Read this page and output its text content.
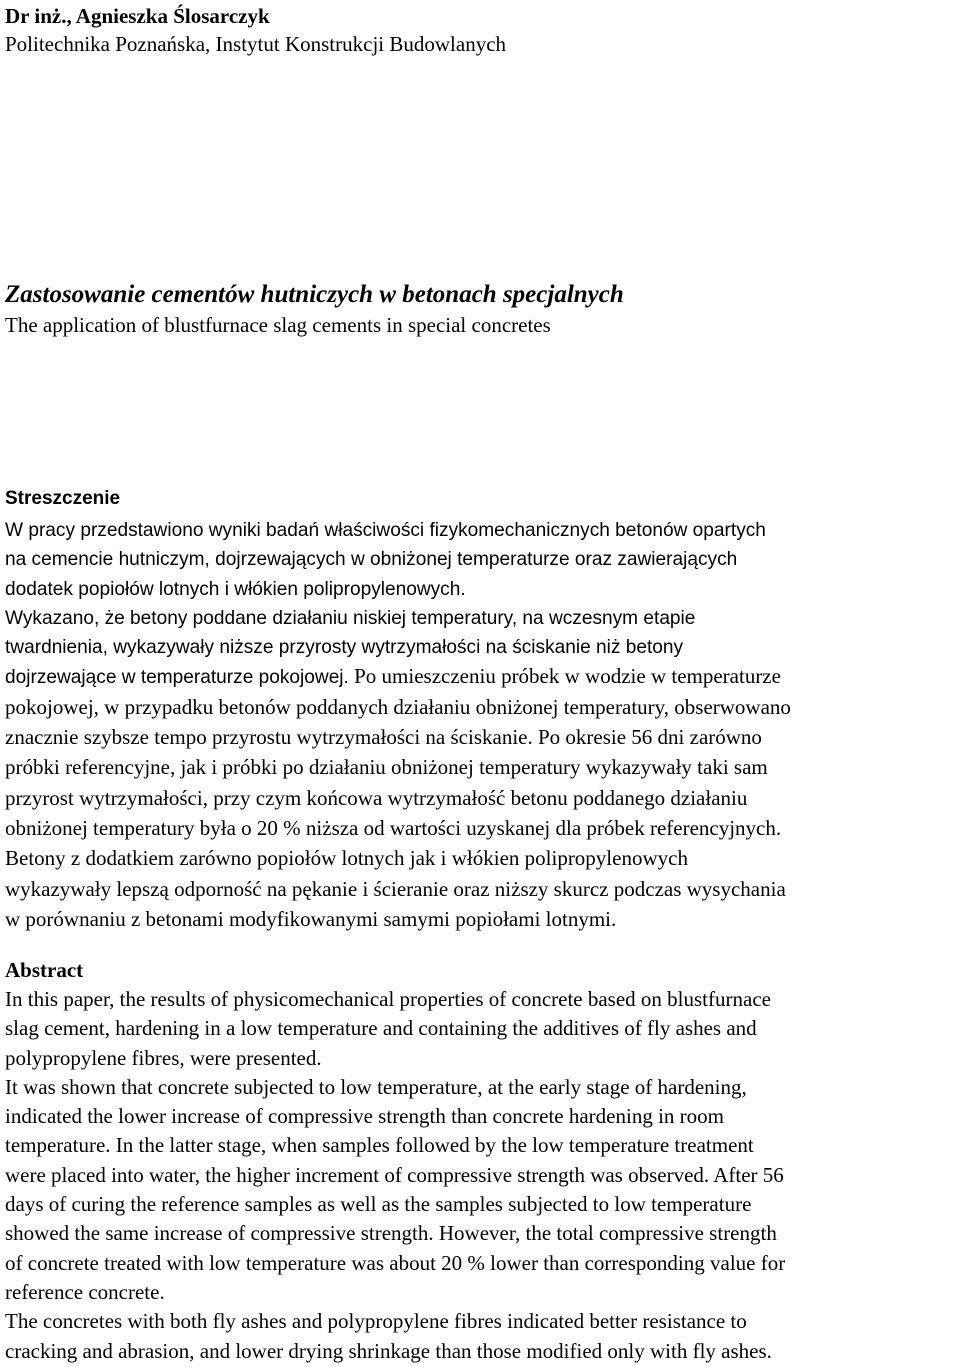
Dr inż., Agnieszka Ślosarczyk
Politechnika Poznańska, Instytut Konstrukcji Budowlanych
Zastosowanie cementów hutniczych w betonach specjalnych
The application of blustfurnace slag cements in special concretes
Streszczenie
W pracy przedstawiono wyniki badań właściwości fizykomechanicznych betonów opartych
na cemencie hutniczym, dojrzewających w obniżonej temperaturze oraz zawierających
dodatek popiołów lotnych i włókien polipropylenowych.
Wykazano, że betony poddane działaniu niskiej temperatury, na wczesnym etapie
twardnienia, wykazywały niższe przyrosty wytrzymałości na ściskanie niż betony
dojrzewające w temperaturze pokojowej. Po umieszczeniu próbek w wodzie w temperaturze
pokojowej, w przypadku betonów poddanych działaniu obniżonej temperatury, obserwowano
znacznie szybsze tempo przyrostu wytrzymałości na ściskanie. Po okresie 56 dni zarówno
próbki referencyjne, jak i próbki po działaniu obniżonej temperatury wykazywały taki sam
przyrost wytrzymałości, przy czym końcowa wytrzymałość betonu poddanego działaniu
obniżonej temperatury była o 20 % niższa od wartości uzyskanej dla próbek referencyjnych.
Betony z dodatkiem zarówno popiołów lotnych jak i włókien polipropylenowych
wykazywały lepszą odporność na pękanie i ścieranie oraz niższy skurcz podczas wysychania
w porównaniu z betonami modyfikowanymi samymi popiołami lotnymi.
Abstract
In this paper, the results of physicomechanical properties of concrete based on blustfurnace
slag cement, hardening in a low temperature and containing the additives of fly ashes and
polypropylene fibres, were presented.
It was shown that concrete subjected to low temperature, at the early stage of hardening,
indicated the lower increase of compressive strength than concrete hardening in room
temperature. In the latter stage, when samples followed by the low temperature treatment
were placed into water, the higher increment of compressive strength was observed. After 56
days of curing the reference samples as well as the samples subjected to low temperature
showed the same increase of compressive strength. However, the total compressive strength
of concrete treated with low temperature was about 20 % lower than corresponding value for
reference concrete.
The concretes with both fly ashes and polypropylene fibres indicated better resistance to
cracking and abrasion, and lower drying shrinkage than those modified only with fly ashes.
